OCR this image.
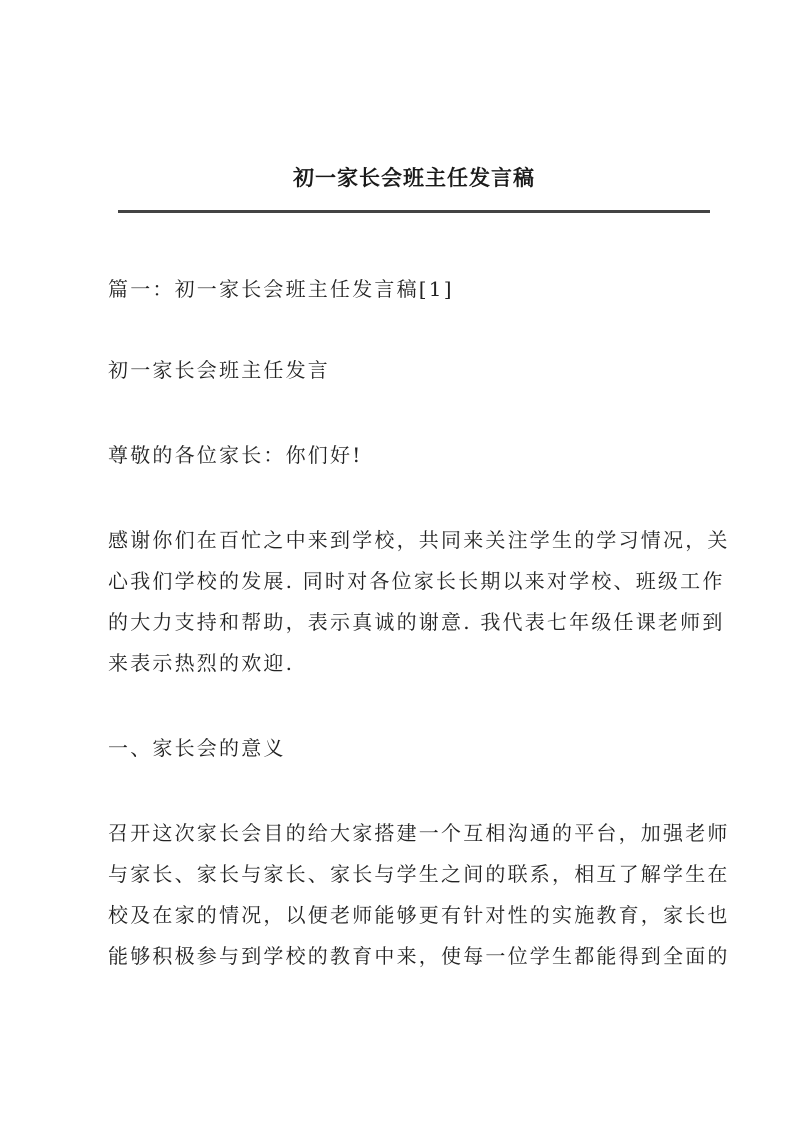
初一家长会班主任发言稿
篇一：初一家长会班主任发言稿[1]
初一家长会班主任发言
尊敬的各位家长：你们好!
感谢你们在百忙之中来到学校，共同来关注学生的学习情况，关
心我们学校的发展. 同时对各位家长长期以来对学校、班级工作
的大力支持和帮助，表示真诚的谢意. 我代表七年级任课老师到
来表示热烈的欢迎.
一、家长会的意义
召开这次家长会目的给大家搭建一个互相沟通的平台，加强老师
与家长、家长与家长、家长与学生之间的联系，相互了解学生在
校及在家的情况，以便老师能够更有针对性的实施教育，家长也
能够积极参与到学校的教育中来，使每一位学生都能得到全面的
